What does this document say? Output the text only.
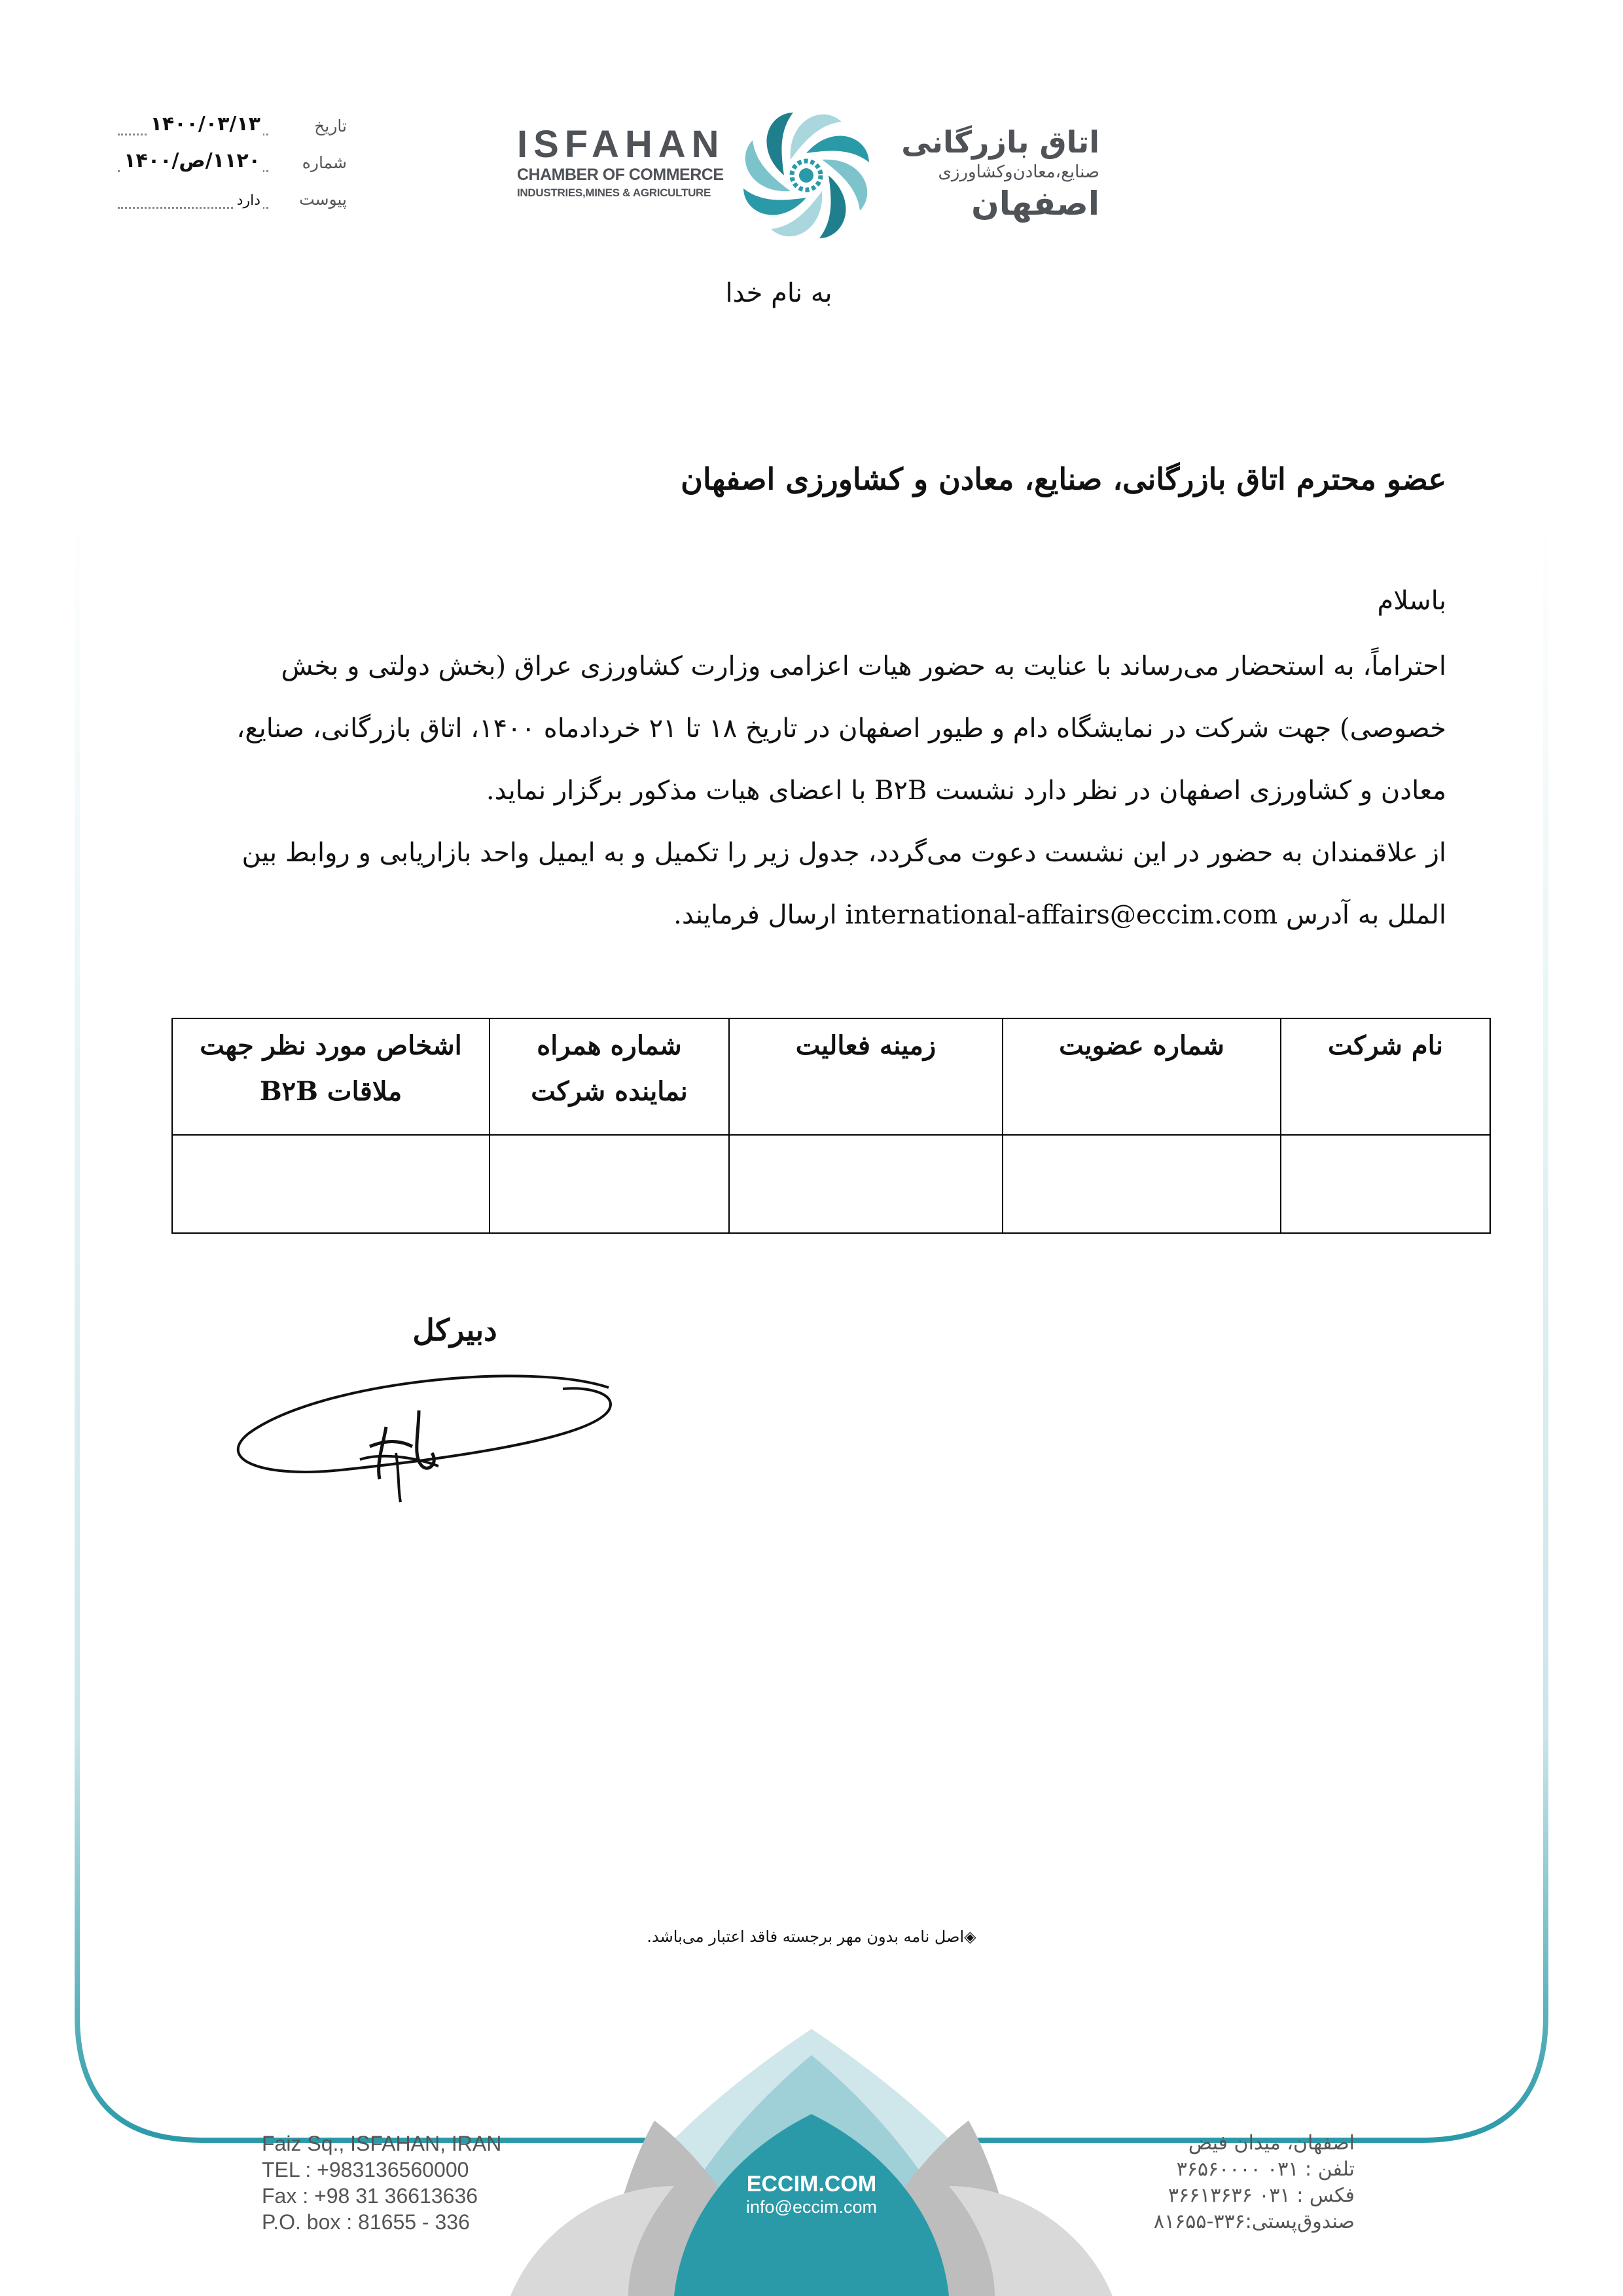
تاریخ
۱۴۰۰/۰۳/۱۳
شماره
۱۱۲۰/ص/۱۴۰۰
پیوست
دارد
ISFAHAN
CHAMBER OF COMMERCE
INDUSTRIES,MINES & AGRICULTURE
اتاق بازرگانی
صنایع،معادن‌وکشاورزی
اصفهان
به نام خدا
عضو محترم اتاق بازرگانی، صنایع، معادن و کشاورزی اصفهان
باسلام
احتراماً، به استحضار می‌رساند با عنایت به حضور هیات اعزامی وزارت کشاورزی عراق (بخش دولتی و بخش
خصوصی) جهت شرکت در نمایشگاه دام و طیور اصفهان در تاریخ ۱۸ تا ۲۱ خردادماه ۱۴۰۰، اتاق بازرگانی، صنایع،
معادن و کشاورزی اصفهان در نظر دارد نشست B۲B با اعضای هیات مذکور برگزار نماید.
از علاقمندان به حضور در این نشست دعوت می‌گردد، جدول زیر را تکمیل و به ایمیل واحد بازاریابی و روابط بین
الملل به آدرس international-affairs@eccim.com ارسال فرمایند.
نام شرکت	شماره عضویت	زمینه فعالیت	شماره همراه نماینده شرکت	اشخاص مورد نظر جهت ملاقات B۲B

دبیرکل
◈اصل نامه بدون مهر برجسته فاقد اعتبار می‌باشد.
Faiz Sq., ISFAHAN, IRAN
TEL : +983136560000
Fax : +98 31 36613636
P.O. box : 81655 - 336
اصفهان، میدان فیض
تلفن : ۰۳۱ ۳۶۵۶۰۰۰۰
فکس : ۰۳۱ ۳۶۶۱۳۶۳۶
صندوق‌پستی:۳۳۶-۸۱۶۵۵
ECCIM.COM
info@eccim.com
